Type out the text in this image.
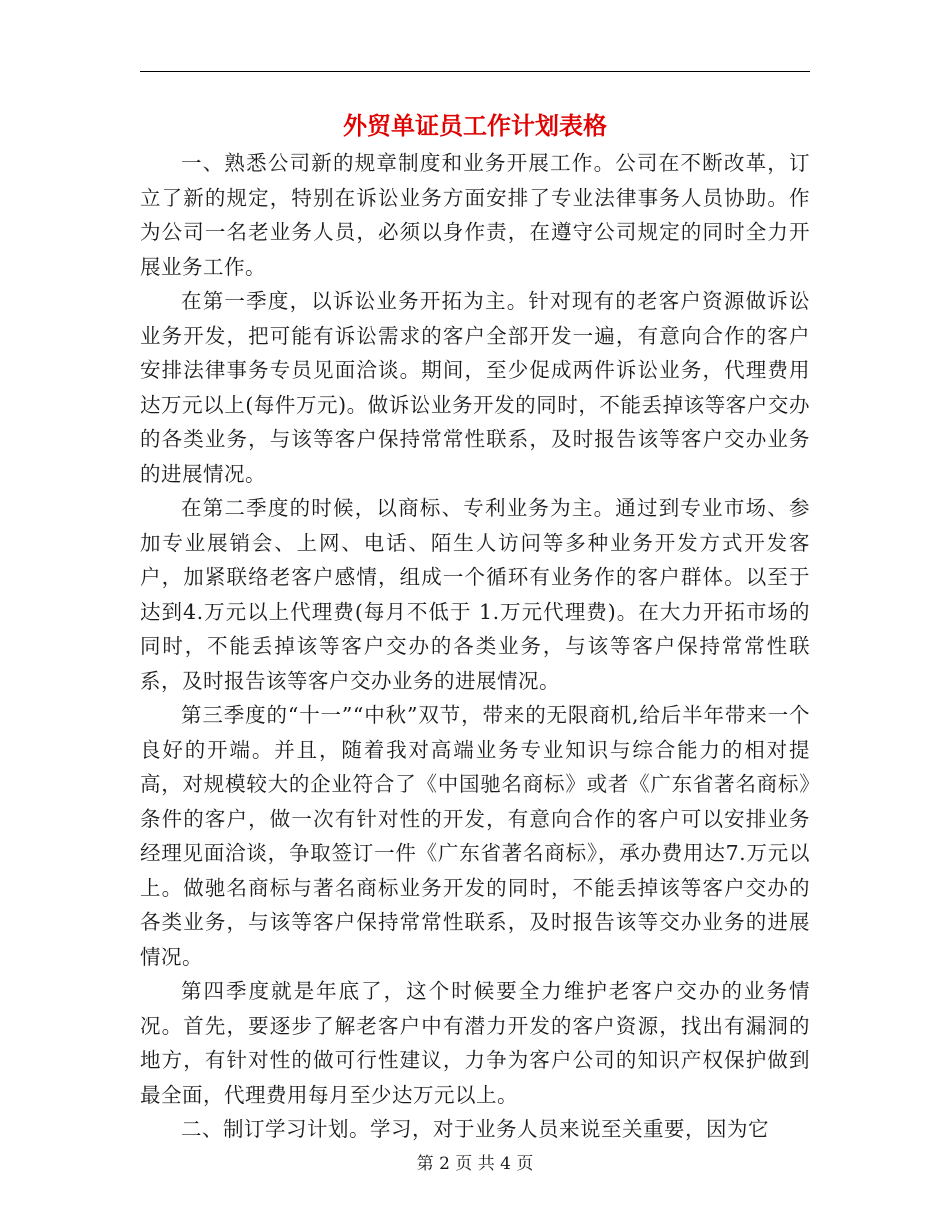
外贸单证员工作计划表格

一、熟悉公司新的规章制度和业务开展工作。公司在不断改革，订立了新的规定，特别在诉讼业务方面安排了专业法律事务人员协助。作为公司一名老业务人员，必须以身作责，在遵守公司规定的同时全力开展业务工作。

在第一季度，以诉讼业务开拓为主。针对现有的老客户资源做诉讼业务开发，把可能有诉讼需求的客户全部开发一遍，有意向合作的客户安排法律事务专员见面洽谈。期间，至少促成两件诉讼业务，代理费用达万元以上(每件万元)。做诉讼业务开发的同时，不能丢掉该等客户交办的各类业务，与该等客户保持常常性联系，及时报告该等客户交办业务的进展情况。

在第二季度的时候，以商标、专利业务为主。通过到专业市场、参加专业展销会、上网、电话、陌生人访问等多种业务开发方式开发客户，加紧联络老客户感情，组成一个循环有业务作的客户群体。以至于达到4.万元以上代理费(每月不低于 1.万元代理费)。在大力开拓市场的同时，不能丢掉该等客户交办的各类业务，与该等客户保持常常性联系，及时报告该等客户交办业务的进展情况。

第三季度的“十一”“中秋”双节，带来的无限商机,给后半年带来一个良好的开端。并且，随着我对高端业务专业知识与综合能力的相对提高，对规模较大的企业符合了《中国驰名商标》或者《广东省著名商标》条件的客户，做一次有针对性的开发，有意向合作的客户可以安排业务经理见面洽谈，争取签订一件《广东省著名商标》，承办费用达7.万元以上。做驰名商标与著名商标业务开发的同时，不能丢掉该等客户交办的各类业务，与该等客户保持常常性联系，及时报告该等交办业务的进展情况。

第四季度就是年底了，这个时候要全力维护老客户交办的业务情况。首先，要逐步了解老客户中有潜力开发的客户资源，找出有漏洞的地方，有针对性的做可行性建议，力争为客户公司的知识产权保护做到最全面，代理费用每月至少达万元以上。

二、制订学习计划。学习，对于业务人员来说至关重要，因为它

第 2 页 共 4 页
